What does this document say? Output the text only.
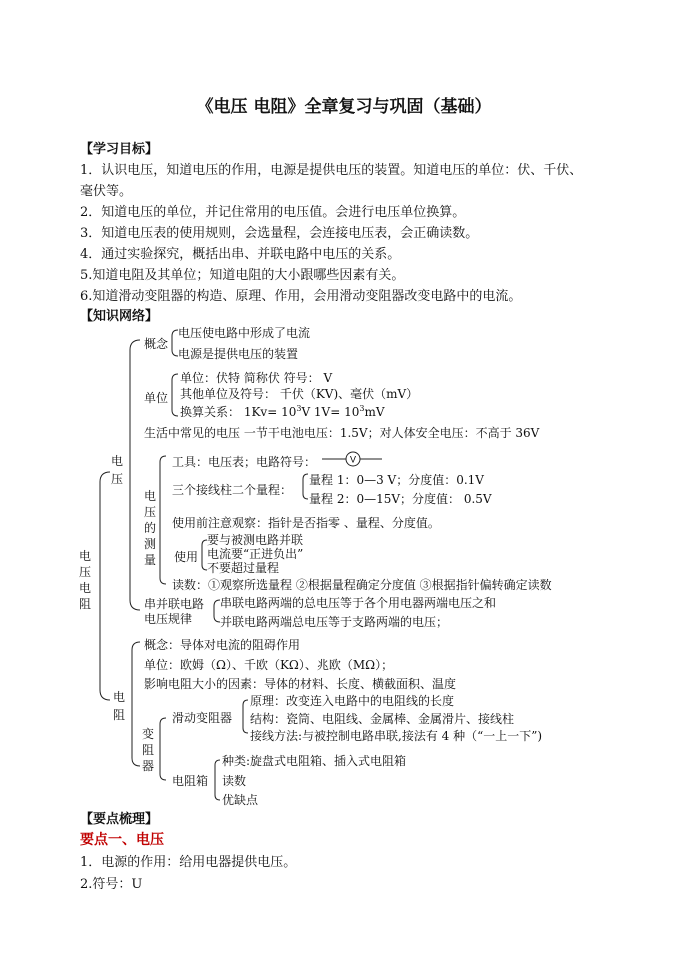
《电压 电阻》全章复习与巩固（基础）
【学习目标】
1．认识电压，知道电压的作用，电源是提供电压的装置。知道电压的单位：伏、千伏、
毫伏等。
2．知道电压的单位，并记住常用的电压值。会进行电压单位换算。
3．知道电压表的使用规则，会选量程，会连接电压表，会正确读数。
4．通过实验探究，概括出串、并联电路中电压的关系。
5.知道电阻及其单位；知道电阻的大小跟哪些因素有关。
6.知道滑动变阻器的构造、原理、作用，会用滑动变阻器改变电路中的电流。
【知识网络】
电压电阻
电压
概念
电压使电路中形成了电流
电源是提供电压的装置
单位
单位：伏特 简称伏 符号： V
其他单位及符号： 千伏（KV)、毫伏（mV）
换算关系： $1Kv= 10^3V$ $1V= 10^3mV$
生活中常见的电压 一节干电池电压：1.5V；对人体安全电压：不高于 36V
电压的测量
工具：电压表；电路符号：	V
三个接线柱二个量程：
量程 1：0—3 V；分度值：0.1V
量程 2：0—15V；分度值： 0.5V
使用前注意观察：指针是否指零 、量程、分度值。
使用
要与被测电路并联
电流要“正进负出”
不要超过量程
读数：①观察所选量程 ②根据量程确定分度值 ③根据指针偏转确定读数
串并联电路
电压规律
串联电路两端的总电压等于各个用电器两端电压之和
并联电路两端总电压等于支路两端的电压；
电阻
概念：导体对电流的阻碍作用
单位：欧姆（Ω）、千欧（KΩ）、兆欧（MΩ）；
影响电阻大小的因素：导体的材料、长度、横截面积、温度
变阻器
滑动变阻器
原理：改变连入电路中的电阻线的长度
结构：瓷筒、电阻线、金属棒、金属滑片、接线柱
接线方法:与被控制电路串联,接法有 4 种（“一上一下”)
电阻箱
种类:旋盘式电阻箱、插入式电阻箱
读数
优缺点
【要点梳理】
要点一、电压
1．电源的作用：给用电器提供电压。
2.符号：U
